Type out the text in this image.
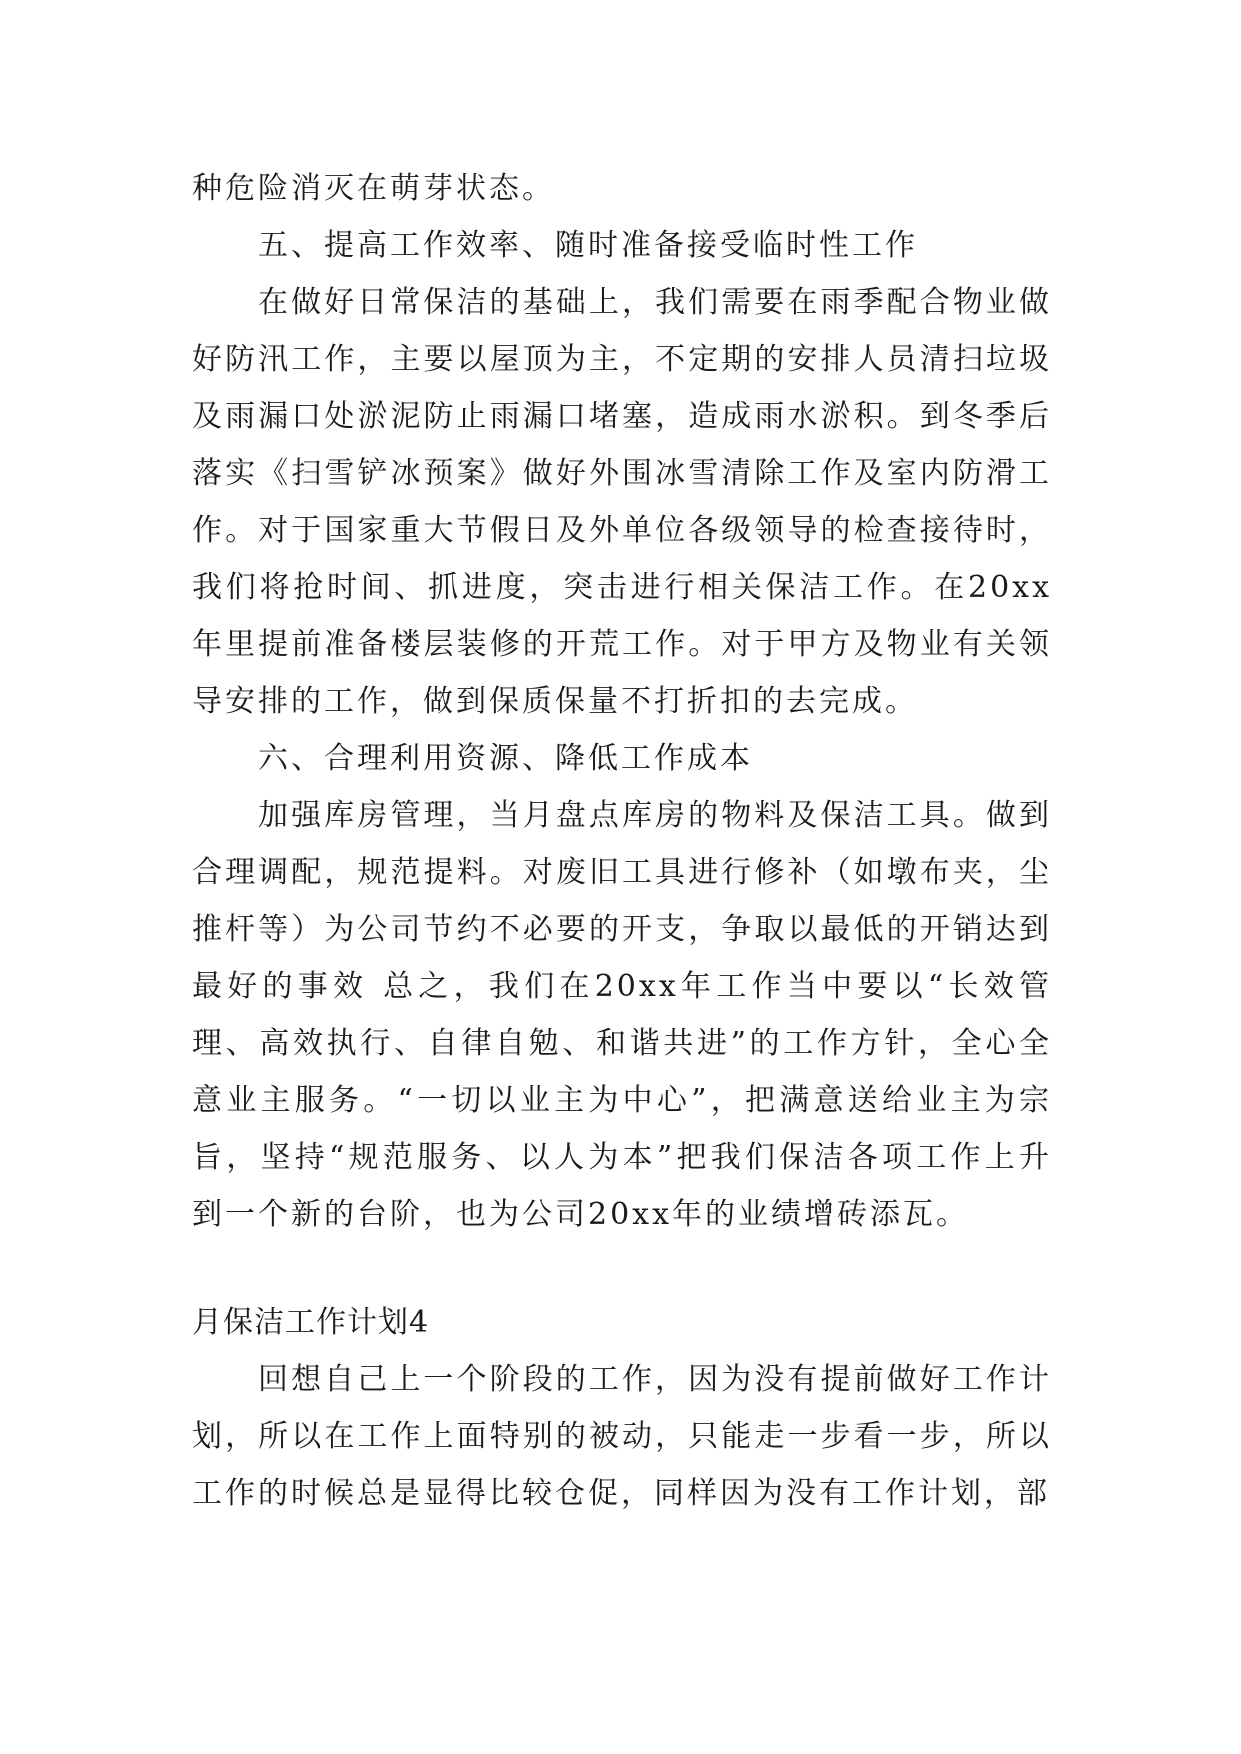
种危险消灭在萌芽状态。

五、提高工作效率、随时准备接受临时性工作

在做好日常保洁的基础上，我们需要在雨季配合物业做好防汛工作，主要以屋顶为主，不定期的安排人员清扫垃圾及雨漏口处淤泥防止雨漏口堵塞，造成雨水淤积。到冬季后落实《扫雪铲冰预案》做好外围冰雪清除工作及室内防滑工作。对于国家重大节假日及外单位各级领导的检查接待时，我们将抢时间、抓进度，突击进行相关保洁工作。在20xx年里提前准备楼层装修的开荒工作。对于甲方及物业有关领导安排的工作，做到保质保量不打折扣的去完成。

六、合理利用资源、降低工作成本

加强库房管理，当月盘点库房的物料及保洁工具。做到合理调配，规范提料。对废旧工具进行修补（如墩布夹，尘推杆等）为公司节约不必要的开支，争取以最低的开销达到最好的事效 总之，我们在20xx年工作当中要以“长效管理、高效执行、自律自勉、和谐共进”的工作方针，全心全意业主服务。“一切以业主为中心”，把满意送给业主为宗旨，坚持“规范服务、以人为本”把我们保洁各项工作上升到一个新的台阶，也为公司20xx年的业绩增砖添瓦。

月保洁工作计划4

回想自己上一个阶段的工作，因为没有提前做好工作计划，所以在工作上面特别的被动，只能走一步看一步，所以工作的时候总是显得比较仓促，同样因为没有工作计划，部
